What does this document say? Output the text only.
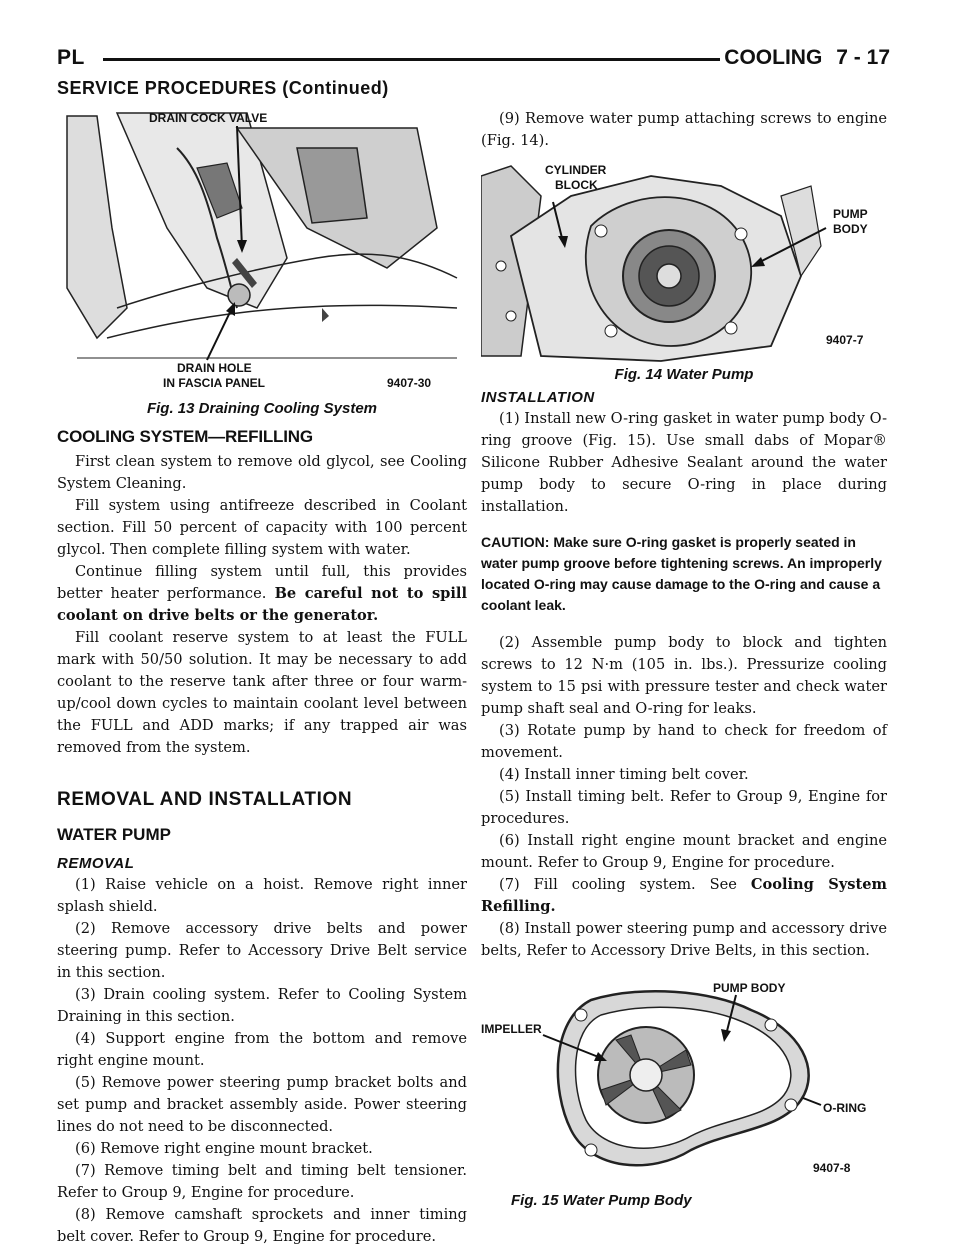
PL	COOLING 7 - 17
SERVICE PROCEDURES (Continued)
DRAIN COCK VALVE
DRAIN HOLE
IN FASCIA PANEL	9407-30
Fig. 13 Draining Cooling System
COOLING SYSTEM—REFILLING

First clean system to remove old glycol, see Cooling System Cleaning.

Fill system using antifreeze described in Coolant section. Fill 50 percent of capacity with 100 percent glycol. Then complete filling system with water.

Continue filling system until full, this provides better heater performance. Be careful not to spill coolant on drive belts or the generator.

Fill coolant reserve system to at least the FULL mark with 50/50 solution. It may be necessary to add coolant to the reserve tank after three or four warm-up/cool down cycles to maintain coolant level between the FULL and ADD marks; if any trapped air was removed from the system.

REMOVAL AND INSTALLATION
WATER PUMP
REMOVAL

(1) Raise vehicle on a hoist. Remove right inner splash shield.

(2) Remove accessory drive belts and power steering pump. Refer to Accessory Drive Belt service in this section.

(3) Drain cooling system. Refer to Cooling System Draining in this section.

(4) Support engine from the bottom and remove right engine mount.

(5) Remove power steering pump bracket bolts and set pump and bracket assembly aside. Power steering lines do not need to be disconnected.

(6) Remove right engine mount bracket.

(7) Remove timing belt and timing belt tensioner. Refer to Group 9, Engine for procedure.

(8) Remove camshaft sprockets and inner timing belt cover. Refer to Group 9, Engine for procedure.

(9) Remove water pump attaching screws to engine (Fig. 14).

CYLINDER
BLOCK
PUMP
BODY
9407-7
Fig. 14 Water Pump
INSTALLATION

(1) Install new O-ring gasket in water pump body O-ring groove (Fig. 15). Use small dabs of Mopar® Silicone Rubber Adhesive Sealant around the water pump body to secure O-ring in place during installation.

CAUTION: Make sure O-ring gasket is properly seated in water pump groove before tightening screws. An improperly located O-ring may cause damage to the O-ring and cause a coolant leak.

(2) Assemble pump body to block and tighten screws to 12 N·m (105 in. lbs.). Pressurize cooling system to 15 psi with pressure tester and check water pump shaft seal and O-ring for leaks.

(3) Rotate pump by hand to check for freedom of movement.

(4) Install inner timing belt cover.

(5) Install timing belt. Refer to Group 9, Engine for procedures.

(6) Install right engine mount bracket and engine mount. Refer to Group 9, Engine for procedure.

(7) Fill cooling system. See Cooling System Refilling.

(8) Install power steering pump and accessory drive belts, Refer to Accessory Drive Belts, in this section.

PUMP BODY
IMPELLER
O-RING
9407-8
Fig. 15 Water Pump Body
